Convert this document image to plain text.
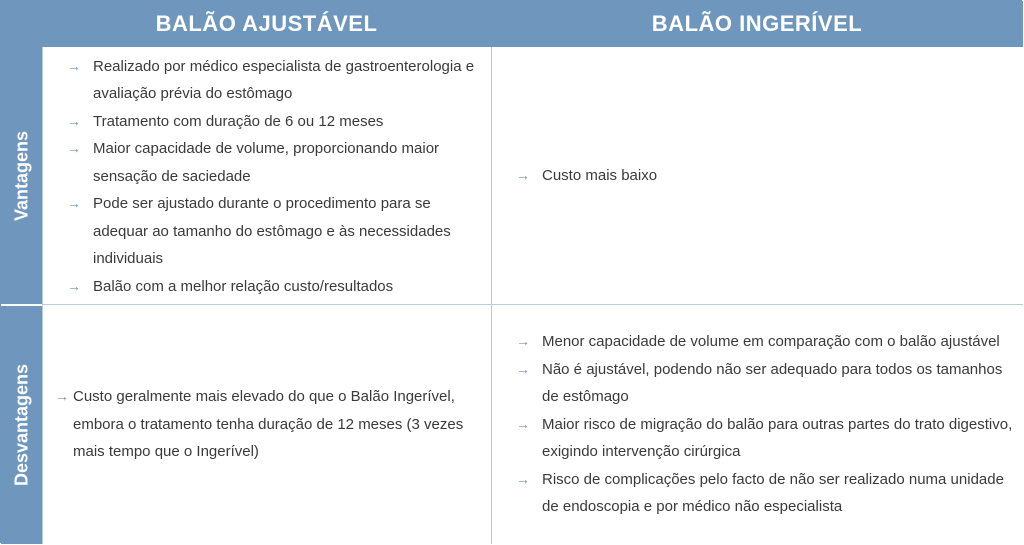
BALÃO AJUSTÁVEL	BALÃO INGERÍVEL
Vantagens
→ Realizado por médico especialista de gastroenterologia e avaliação prévia do estômago
→ Tratamento com duração de 6 ou 12 meses
→ Maior capacidade de volume, proporcionando maior sensação de saciedade
→ Pode ser ajustado durante o procedimento para se adequar ao tamanho do estômago e às necessidades individuais
→ Balão com a melhor relação custo/resultados
→ Custo mais baixo
Desvantagens → Custo geralmente mais elevado do que o Balão Ingerível, embora o tratamento tenha duração de 12 meses (3 vezes mais tempo que o Ingerível)
→ Menor capacidade de volume em comparação com o balão ajustável
→ Não é ajustável, podendo não ser adequado para todos os tamanhos de estômago
→ Maior risco de migração do balão para outras partes do trato digestivo, exigindo intervenção cirúrgica
→ Risco de complicações pelo facto de não ser realizado numa unidade de endoscopia e por médico não especialista
